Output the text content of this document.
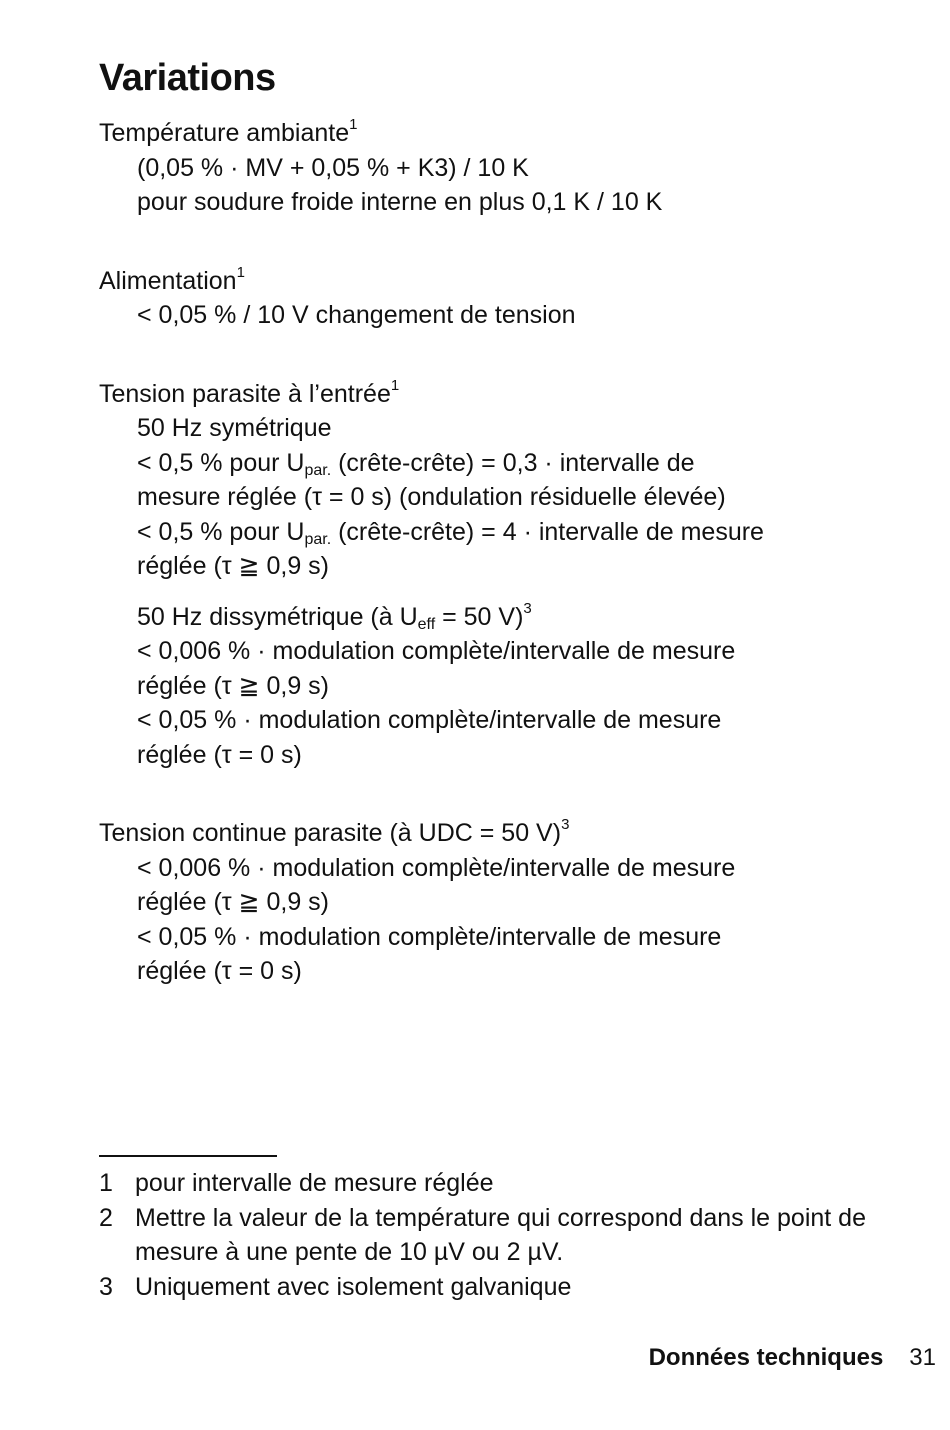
Variations
Température ambiante$^1$
(0,05 % · MV + 0,05 % + K3) / 10 K
pour soudure froide interne en plus 0,1 K / 10 K
Alimentation$^1$
< 0,05 % / 10 V changement de tension
Tension parasite à l’entrée$^1$
50 Hz symétrique
< 0,5 % pour $U_{par.}$ (crête-crête) = 0,3 · intervalle de
mesure réglée (τ = 0 s) (ondulation résiduelle élevée)
< 0,5 % pour $U_{par.}$ (crête-crête) = 4 · intervalle de mesure
réglée (τ ≧ 0,9 s)
50 Hz dissymétrique (à $U_{eff} = 50$ V)$^3$
< 0,006 % · modulation complète/intervalle de mesure
réglée (τ ≧ 0,9 s)
< 0,05 % · modulation complète/intervalle de mesure
réglée (τ = 0 s)
Tension continue parasite (à UDC = 50 V)$^3$
< 0,006 % · modulation complète/intervalle de mesure
réglée (τ ≧ 0,9 s)
< 0,05 % · modulation complète/intervalle de mesure
réglée (τ = 0 s)
1 pour intervalle de mesure réglée
2 Mettre la valeur de la température qui correspond dans le point de mesure à une pente de 10 µV ou 2 µV.
3 Uniquement avec isolement galvanique
Données techniques 31
